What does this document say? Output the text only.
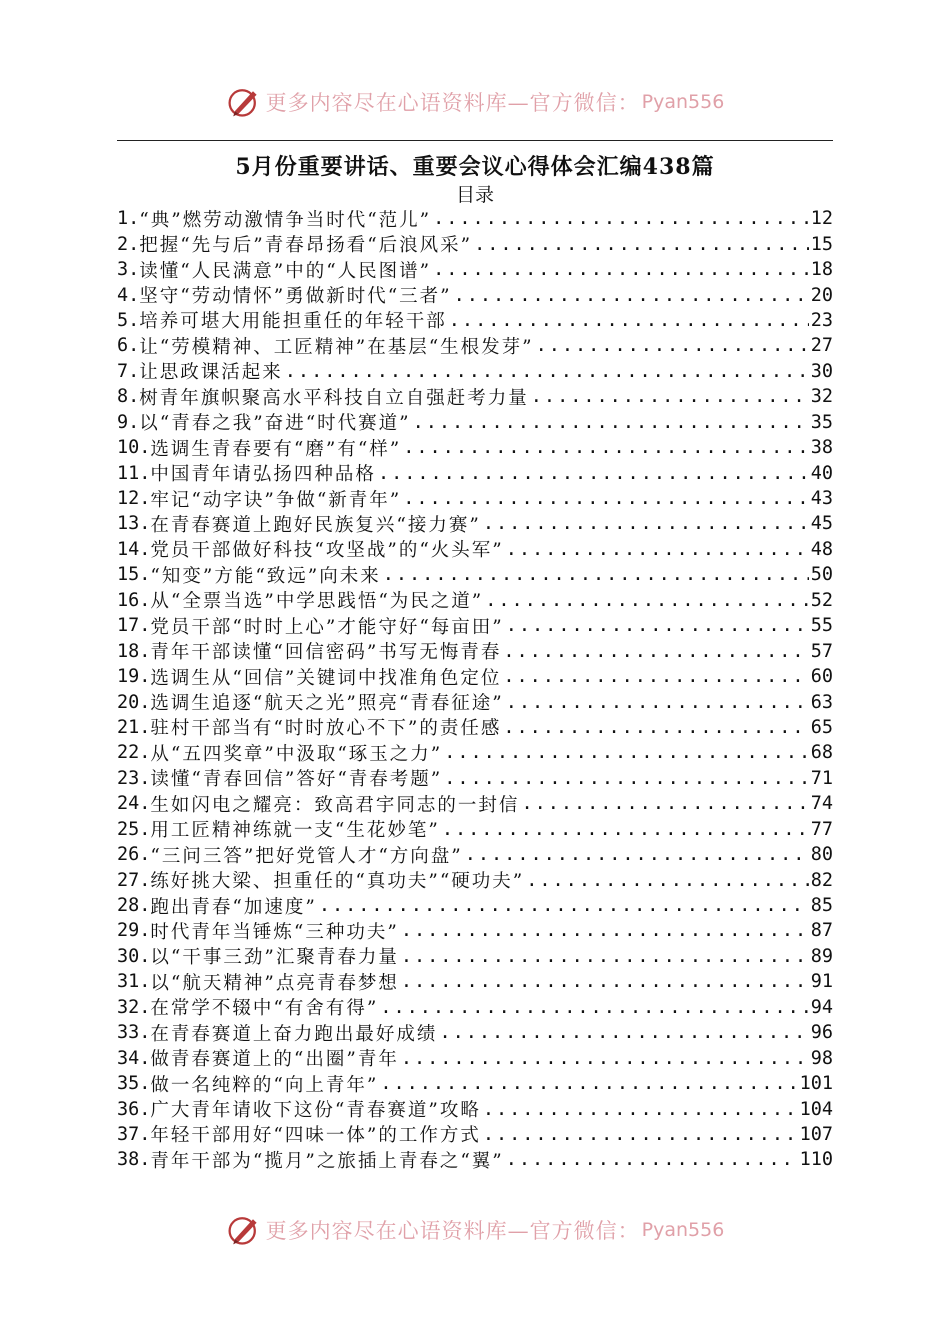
更多内容尽在心语资料库—官方微信： Pyan556
5月份重要讲话、重要会议心得体会汇编438篇
目录
1. “典”燃劳动激情争当时代“范儿” .....	12
2. 把握“先与后”青春昂扬看“后浪风采” .....	15
3. 读懂“人民满意”中的“人民图谱” .....	18
4. 坚守“劳动情怀”勇做新时代“三者” .....	20
5. 培养可堪大用能担重任的年轻干部 .....	23
6. 让“劳模精神、工匠精神”在基层“生根发芽” .....	27
7. 让思政课活起来 .....	30
8. 树青年旗帜聚高水平科技自立自强赶考力量 .....	32
9. 以“青春之我”奋进“时代赛道” .....	35
10. 选调生青春要有“磨”有“样” .....	38
11. 中国青年请弘扬四种品格 .....	40
12. 牢记“动字诀”争做“新青年” .....	43
13. 在青春赛道上跑好民族复兴“接力赛” .....	45
14. 党员干部做好科技“攻坚战”的“火头军” .....	48
15. “知变”方能“致远”向未来 .....	50
16. 从“全票当选”中学思践悟“为民之道” .....	52
17. 党员干部“时时上心”才能守好“每亩田” .....	55
18. 青年干部读懂“回信密码”书写无悔青春 .....	57
19. 选调生从“回信”关键词中找准角色定位 .....	60
20. 选调生追逐“航天之光”照亮“青春征途” .....	63
21. 驻村干部当有“时时放心不下”的责任感 .....	65
22. 从“五四奖章”中汲取“琢玉之力” .....	68
23. 读懂“青春回信”答好“青春考题” .....	71
24. 生如闪电之耀亮：致高君宇同志的一封信 .....	74
25. 用工匠精神练就一支“生花妙笔” .....	77
26. “三问三答”把好党管人才“方向盘” .....	80
27. 练好挑大梁、担重任的“真功夫”“硬功夫” .....	82
28. 跑出青春“加速度” .....	85
29. 时代青年当锤炼“三种功夫” .....	87
30. 以“干事三劲”汇聚青春力量 .....	89
31. 以“航天精神”点亮青春梦想 .....	91
32. 在常学不辍中“有舍有得” .....	94
33. 在青春赛道上奋力跑出最好成绩 .....	96
34. 做青春赛道上的“出圈”青年 .....	98
35. 做一名纯粹的“向上青年” .....	101
36. 广大青年请收下这份“青春赛道”攻略 .....	104
37. 年轻干部用好“四味一体”的工作方式 .....	107
38. 青年干部为“揽月”之旅插上青春之“翼” .....	110
更多内容尽在心语资料库—官方微信： Pyan556
